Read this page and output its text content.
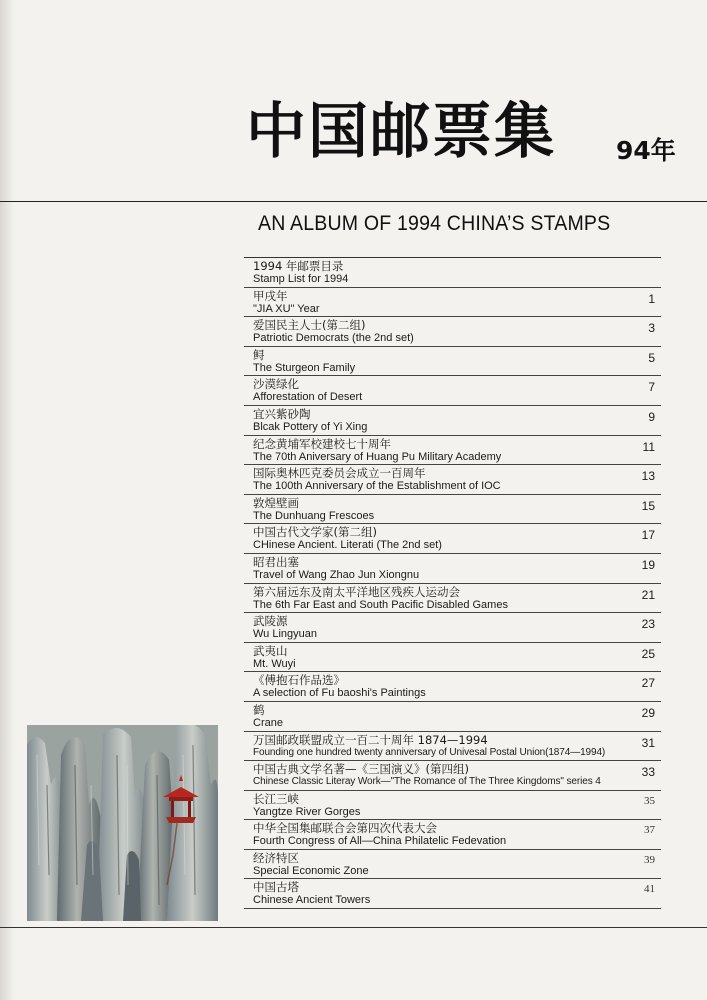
中国邮票集 94年
AN ALBUM OF 1994 CHINA’S STAMPS
1994 年邮票目录
Stamp List for 1994
甲戌年
"JIA XU" Year
1
爱国民主人士(第二组)
Patriotic Democrats (the 2nd set)
3
鲟
The Sturgeon Family
5
沙漠绿化
Afforestation of Desert
7
宜兴紫砂陶
Blcak Pottery of Yi Xing
9
纪念黄埔军校建校七十周年
The 70th Aniversary of Huang Pu Military Academy
11
国际奥林匹克委员会成立一百周年
The 100th Anniversary of the Establishment of IOC
13
敦煌壁画
The Dunhuang Frescoes
15
中国古代文学家(第二组)
CHinese Ancient. Literati (The 2nd set)
17
昭君出塞
Travel of Wang Zhao Jun Xiongnu
19
第六届远东及南太平洋地区残疾人运动会
The 6th Far East and South Pacific Disabled Games
21
武陵源
Wu Lingyuan
23
武夷山
Mt. Wuyi
25
《傅抱石作品选》
A selection of Fu baoshi's Paintings
27
鹤
Crane
29
万国邮政联盟成立一百二十周年 1874—1994
Founding one hundred twenty anniversary of Univesal Postal Union(1874—1994)
31
中国古典文学名著—《三国演义》(第四组)
Chinese Classic Literay Work—"The Romance of The Three Kingdoms" series 4
33
长江三峡
Yangtze River Gorges
35
中华全国集邮联合会第四次代表大会
Fourth Congress of All—China Philatelic Fedevation
37
经济特区
Special Economic Zone
39
中国古塔
Chinese Ancient Towers
41
